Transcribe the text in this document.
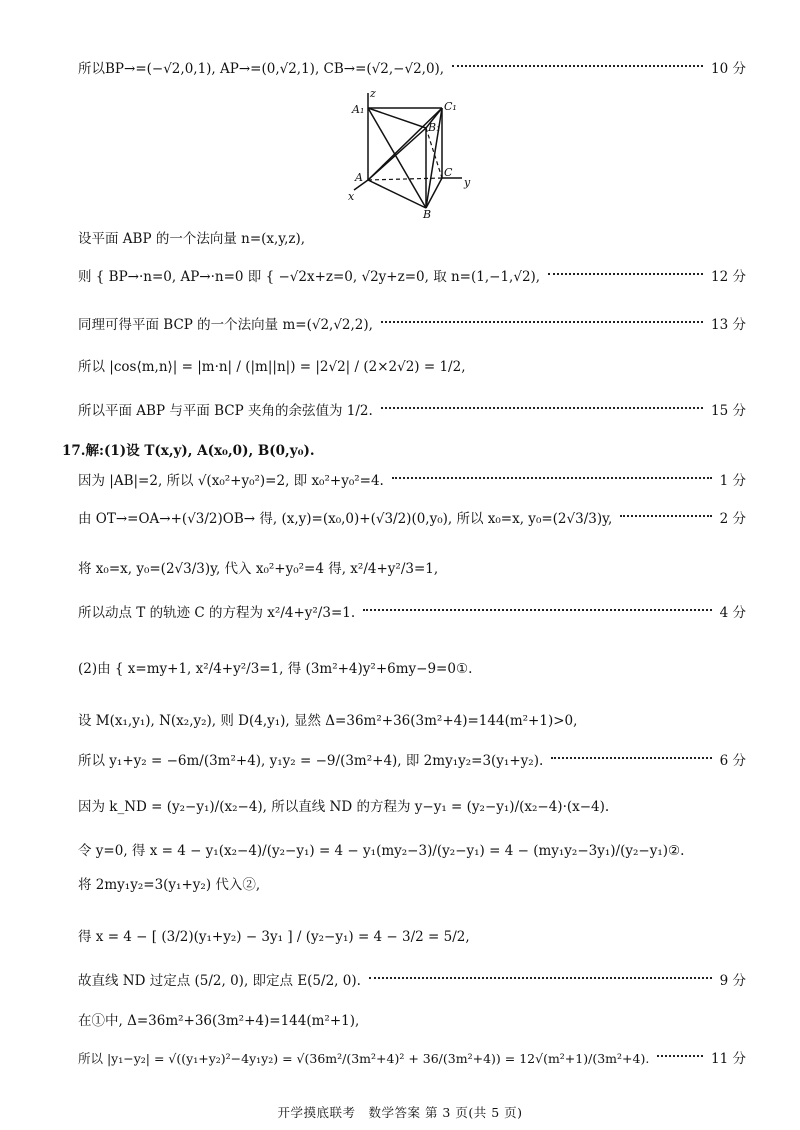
所以BP→=(−√2,0,1), AP→=(0,√2,1), CB→=(√2,−√2,0),	10 分
z
A₁	C₁
B₁
A	C
y
x
B
设平面 ABP 的一个法向量 n=(x,y,z),
则 { BP→·n=0, AP→·n=0 即 { −√2x+z=0, √2y+z=0, 取 n=(1,−1,√2),	12 分
同理可得平面 BCP 的一个法向量 m=(√2,√2,2),	13 分
所以 |cos⟨m,n⟩| = |m·n| / (|m||n|) = |2√2| / (2×2√2) = 1/2,
所以平面 ABP 与平面 BCP 夹角的余弦值为 1/2.	15 分
17.解:(1)设 T(x,y), A(x₀,0), B(0,y₀).
因为 |AB|=2, 所以 √(x₀²+y₀²)=2, 即 x₀²+y₀²=4.	1 分
由 OT→=OA→+(√3/2)OB→ 得, (x,y)=(x₀,0)+(√3/2)(0,y₀), 所以 x₀=x, y₀=(2√3/3)y,	2 分
将 x₀=x, y₀=(2√3/3)y, 代入 x₀²+y₀²=4 得, x²/4+y²/3=1,
所以动点 T 的轨迹 C 的方程为 x²/4+y²/3=1.	4 分
(2)由 { x=my+1, x²/4+y²/3=1, 得 (3m²+4)y²+6my−9=0①.
设 M(x₁,y₁), N(x₂,y₂), 则 D(4,y₁), 显然 Δ=36m²+36(3m²+4)=144(m²+1)>0,
所以 y₁+y₂ = −6m/(3m²+4), y₁y₂ = −9/(3m²+4), 即 2my₁y₂=3(y₁+y₂).	6 分
因为 k_ND = (y₂−y₁)/(x₂−4), 所以直线 ND 的方程为 y−y₁ = (y₂−y₁)/(x₂−4)·(x−4).
令 y=0, 得 x = 4 − y₁(x₂−4)/(y₂−y₁) = 4 − y₁(my₂−3)/(y₂−y₁) = 4 − (my₁y₂−3y₁)/(y₂−y₁)②.
将 2my₁y₂=3(y₁+y₂) 代入②,
得 x = 4 − [ (3/2)(y₁+y₂) − 3y₁ ] / (y₂−y₁) = 4 − 3/2 = 5/2,
故直线 ND 过定点 (5/2, 0), 即定点 E(5/2, 0).	9 分
在①中, Δ=36m²+36(3m²+4)=144(m²+1),
所以 |y₁−y₂| = √((y₁+y₂)²−4y₁y₂) = √(36m²/(3m²+4)² + 36/(3m²+4)) = 12√(m²+1)/(3m²+4).	11 分
开学摸底联考　数学答案 第 3 页(共 5 页)
